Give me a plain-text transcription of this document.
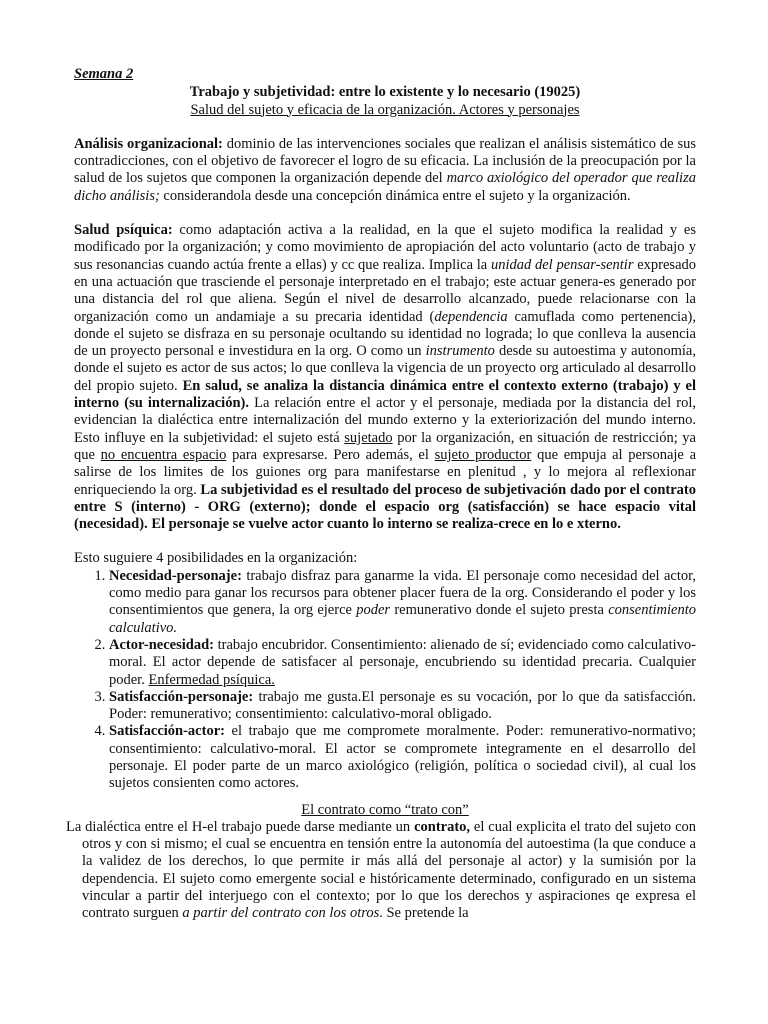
Semana 2
Trabajo y subjetividad: entre lo existente y lo necesario (19025)
Salud del sujeto y eficacia de la organización. Actores y personajes

Análisis organizacional: dominio de las intervenciones sociales que realizan el análisis sistemático de sus contradicciones, con el objetivo de favorecer el logro de su eficacia. La inclusión de la preocupación por la salud de los sujetos que componen la organización depende del marco axiológico del operador que realiza dicho análisis; considerandola desde una concepción dinámica entre el sujeto y la organización.

Salud psíquica: como adaptación activa a la realidad, en la que el sujeto modifica la realidad y es modificado por la organización; y como movimiento de apropiación del acto voluntario (acto de trabajo y sus resonancias cuando actúa frente a ellas) y cc que realiza. Implica la unidad del pensar-sentir expresado en una actuación que trasciende el personaje interpretado en el trabajo; este actuar genera-es generado por una distancia del rol que aliena. Según el nivel de desarrollo alcanzado, puede relacionarse con la organización como un andamiaje a su precaria identidad (dependencia camuflada como pertenencia), donde el sujeto se disfraza en su personaje ocultando su identidad no lograda; lo que conlleva la ausencia de un proyecto personal e investidura en la org. O como un instrumento desde su autoestima y autonomía, donde el sujeto es actor de sus actos; lo que conlleva la vigencia de un proyecto org articulado al desarrollo del propio sujeto. En salud, se analiza la distancia dinámica entre el contexto externo (trabajo) y el interno (su internalización). La relación entre el actor y el personaje, mediada por la distancia del rol, evidencian la dialéctica entre internalización del mundo externo y la exteriorización del mundo interno. Esto influye en la subjetividad: el sujeto está sujetado por la organización, en situación de restricción; ya que no encuentra espacio para expresarse. Pero además, el sujeto productor que empuja al personaje a salirse de los limites de los guiones org para manifestarse en plenitud , y lo mejora al reflexionar enriqueciendo la org. La subjetividad es el resultado del proceso de subjetivación dado por el contrato entre S (interno) - ORG (externo); donde el espacio org (satisfacción) se hace espacio vital (necesidad). El personaje se vuelve actor cuanto lo interno se realiza-crece en lo e xterno.

Esto suguiere 4 posibilidades en la organización:

1. Necesidad-personaje: trabajo disfraz para ganarme la vida. El personaje como necesidad del actor, como medio para ganar los recursos para obtener placer fuera de la org. Considerando el poder y los consentimientos que genera, la org ejerce poder remunerativo donde el sujeto presta consentimiento calculativo.
2. Actor-necesidad: trabajo encubridor. Consentimiento: alienado de sí; evidenciado como calculativo-moral. El actor depende de satisfacer al personaje, encubriendo su identidad precaria. Cualquier poder. Enfermedad psíquica.
3. Satisfacción-personaje: trabajo me gusta.El personaje es su vocación, por lo que da satisfacción. Poder: remunerativo; consentimiento: calculativo-moral obligado.
4. Satisfacción-actor: el trabajo que me compromete moralmente. Poder: remunerativo-normativo; consentimiento: calculativo-moral. El actor se compromete integramente en el desarrollo del personaje. El poder parte de un marco axiológico (religión, política o sociedad civil), al cual los sujetos consienten como actores.
El contrato como “trato con”

La dialéctica entre el H-el trabajo puede darse mediante un contrato, el cual explicita el trato del sujeto con otros y con si mismo; el cual se encuentra en tensión entre la autonomía del autoestima (la que conduce a la validez de los derechos, lo que permite ir más allá del personaje al actor) y la sumisión por la dependencia. El sujeto como emergente social e históricamente determinado, configurado en un sistema vincular a partir del interjuego con el contexto; por lo que los derechos y aspiraciones qe expresa el contrato surguen a partir del contrato con los otros. Se pretende la
